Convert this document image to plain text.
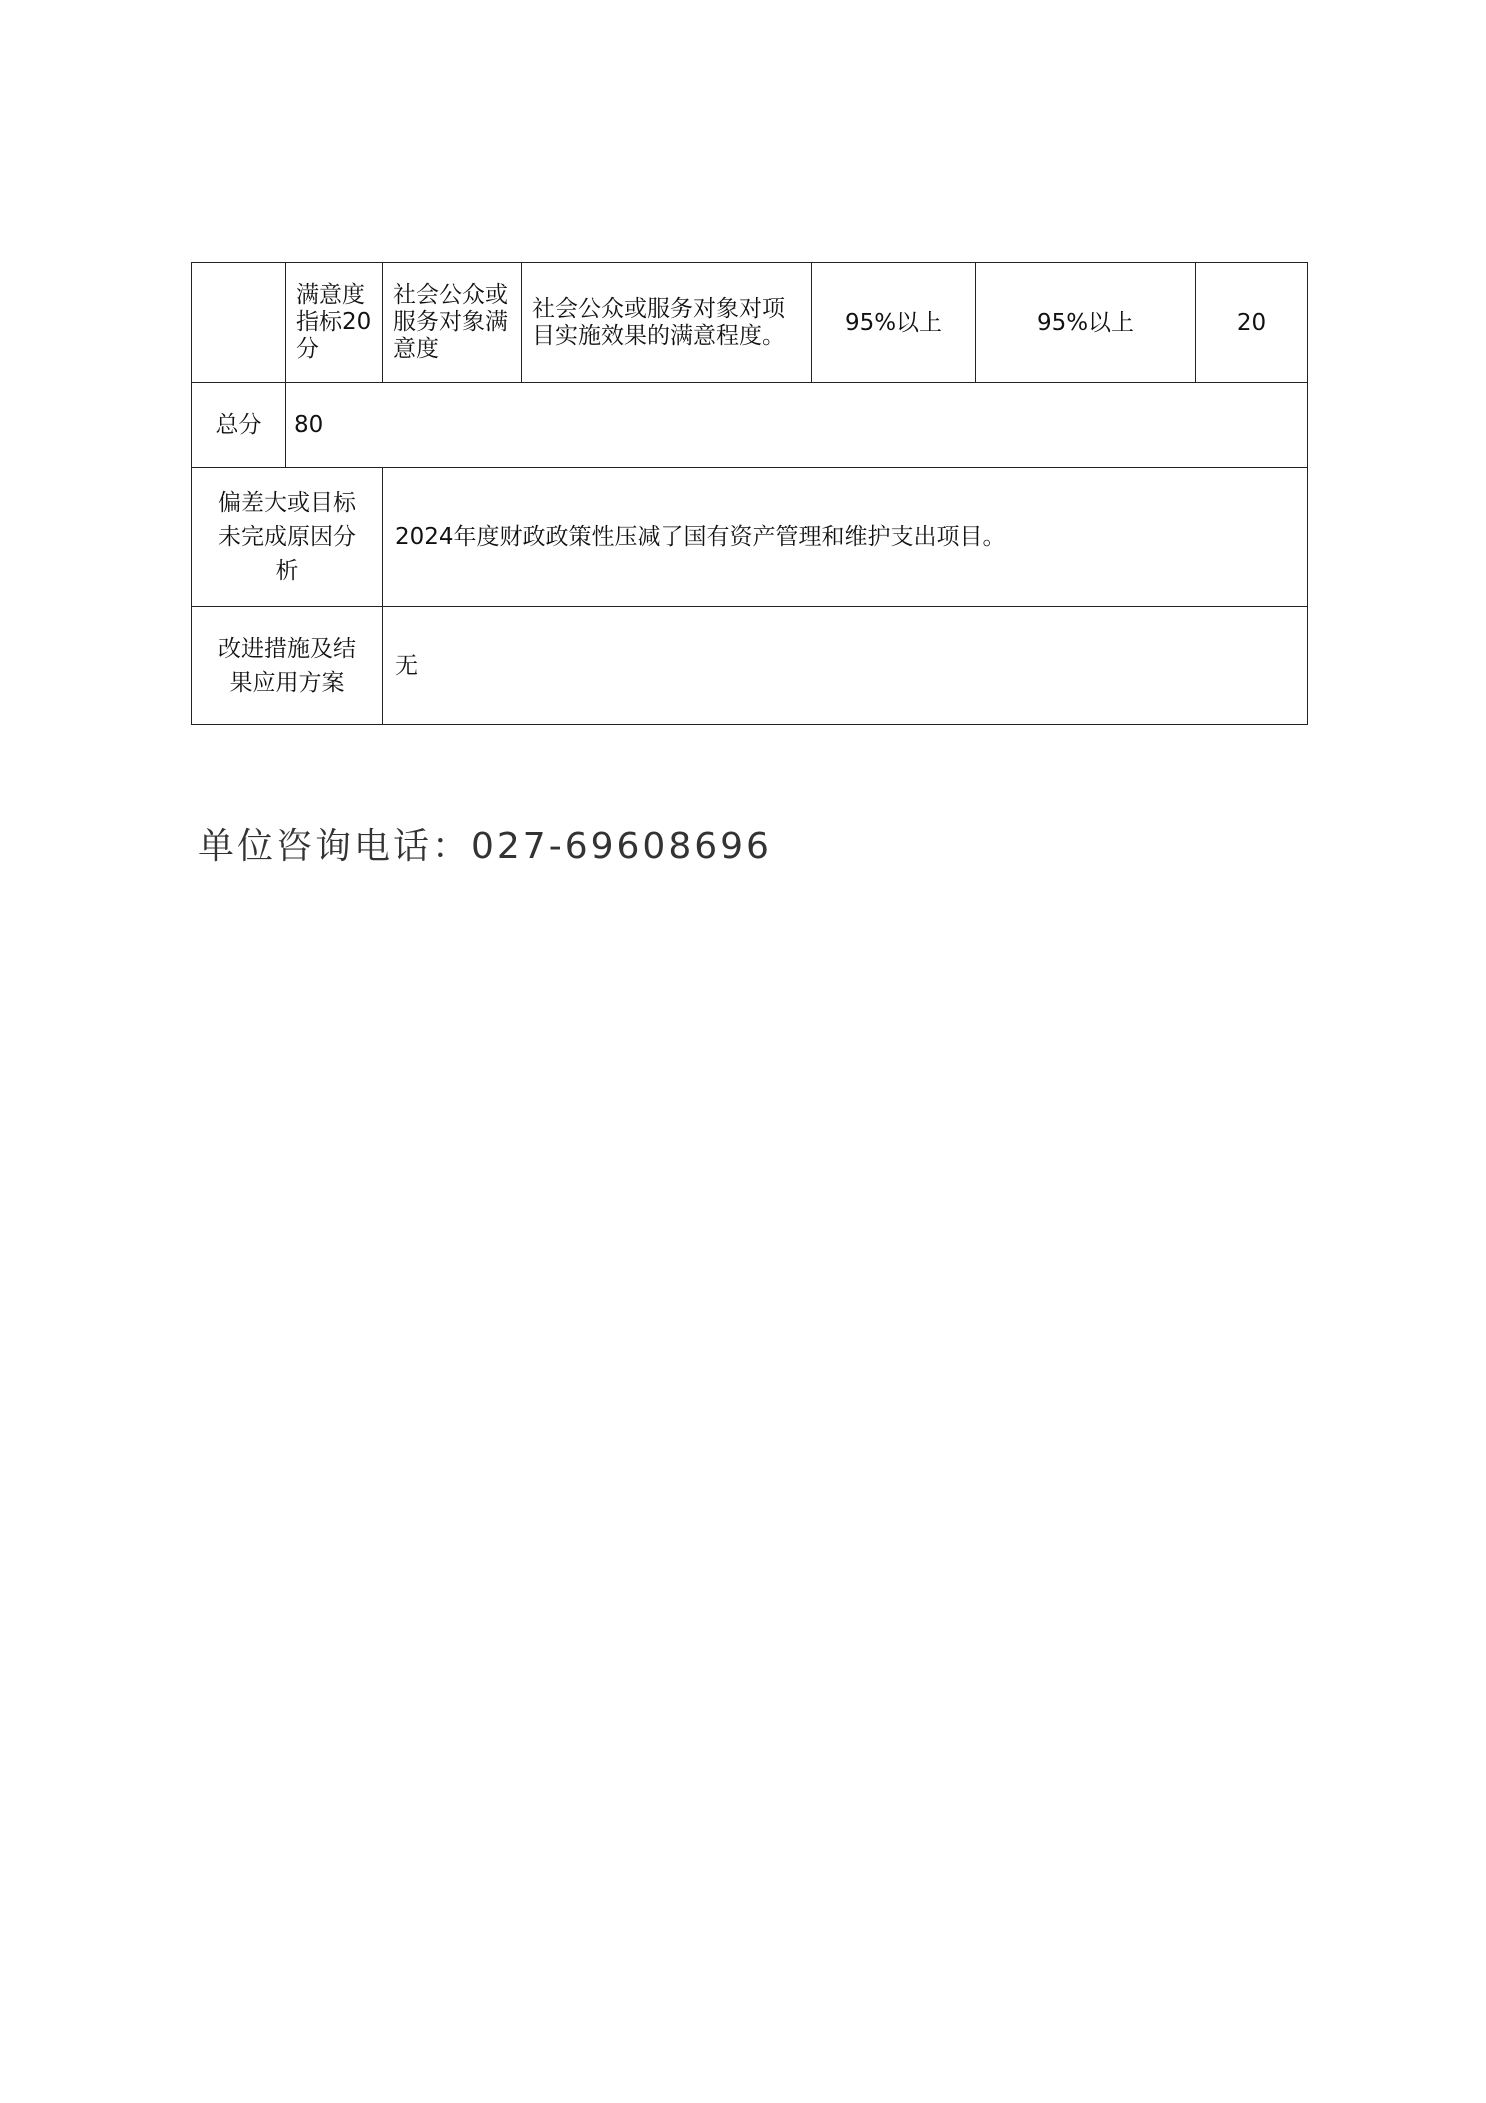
	满意度指标20分	社会公众或服务对象满意度	社会公众或服务对象对项目实施效果的满意程度。	95%以上	95%以上	20
总分	80					
偏差大或目标未完成原因分析		2024年度财政政策性压减了国有资产管理和维护支出项目。				
改进措施及结果应用方案		无				
单位咨询电话：027-69608696
